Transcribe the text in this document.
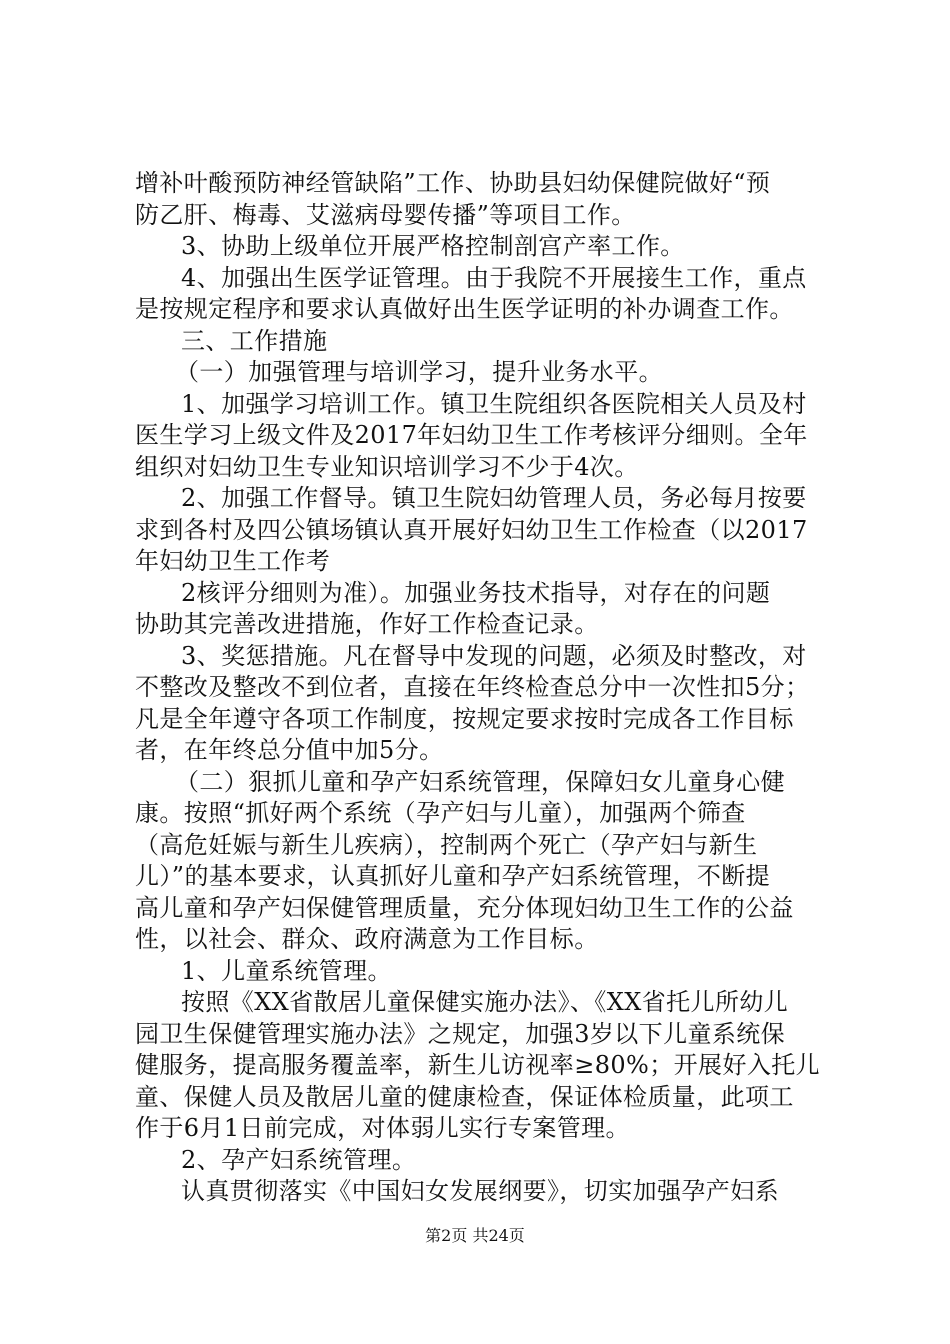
增补叶酸预防神经管缺陷”工作、协助县妇幼保健院做好“预
防乙肝、梅毒、艾滋病母婴传播”等项目工作。
3、协助上级单位开展严格控制剖宫产率工作。
4、加强出生医学证管理。由于我院不开展接生工作，重点
是按规定程序和要求认真做好出生医学证明的补办调查工作。
三、工作措施
（一）加强管理与培训学习，提升业务水平。
1、加强学习培训工作。镇卫生院组织各医院相关人员及村
医生学习上级文件及2017年妇幼卫生工作考核评分细则。全年
组织对妇幼卫生专业知识培训学习不少于4次。
2、加强工作督导。镇卫生院妇幼管理人员，务必每月按要
求到各村及四公镇场镇认真开展好妇幼卫生工作检查（以2017
年妇幼卫生工作考
2核评分细则为准）。加强业务技术指导，对存在的问题
协助其完善改进措施，作好工作检查记录。
3、奖惩措施。凡在督导中发现的问题，必须及时整改，对
不整改及整改不到位者，直接在年终检查总分中一次性扣5分；
凡是全年遵守各项工作制度，按规定要求按时完成各工作目标
者，在年终总分值中加5分。
（二）狠抓儿童和孕产妇系统管理，保障妇女儿童身心健
康。按照“抓好两个系统（孕产妇与儿童），加强两个筛查
（高危妊娠与新生儿疾病），控制两个死亡（孕产妇与新生
儿）”的基本要求，认真抓好儿童和孕产妇系统管理，不断提
高儿童和孕产妇保健管理质量，充分体现妇幼卫生工作的公益
性，以社会、群众、政府满意为工作目标。
1、儿童系统管理。
按照《XX省散居儿童保健实施办法》、《XX省托儿所幼儿
园卫生保健管理实施办法》之规定，加强3岁以下儿童系统保
健服务，提高服务覆盖率，新生儿访视率≥80%；开展好入托儿
童、保健人员及散居儿童的健康检查，保证体检质量，此项工
作于6月1日前完成，对体弱儿实行专案管理。
2、孕产妇系统管理。
认真贯彻落实《中国妇女发展纲要》，切实加强孕产妇系
第2页 共24页
